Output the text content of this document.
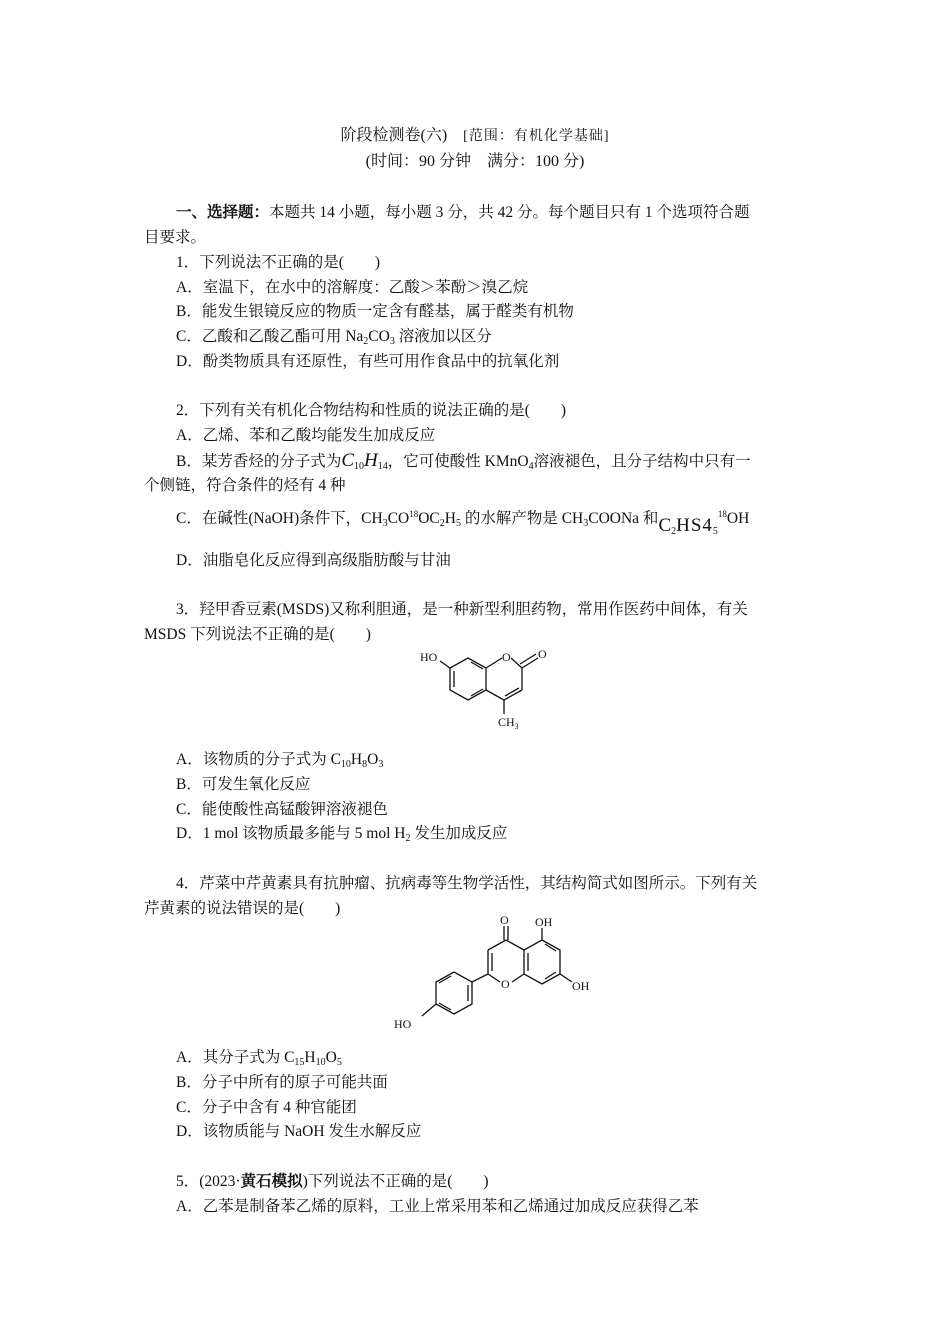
阶段检测卷(六) [范围：有机化学基础]
(时间：90 分钟　满分：100 分)
一、选择题：本题共 14 小题，每小题 3 分，共 42 分。每个题目只有 1 个选项符合题
目要求。
1．下列说法不正确的是(　　)
A．室温下，在水中的溶解度：乙酸＞苯酚＞溴乙烷
B．能发生银镜反应的物质一定含有醛基，属于醛类有机物
C．乙酸和乙酸乙酯可用 $Na_2CO_3$ 溶液加以区分
D．酚类物质具有还原性，有些可用作食品中的抗氧化剂
2．下列有关有机化合物结构和性质的说法正确的是(　　)
A．乙烯、苯和乙酸均能发生加成反应
B．某芳香烃的分子式为$C_{10}H_{14}$，它可使酸性 KMnO$_4$溶液褪色，且分子结构中只有一
个侧链，符合条件的烃有 4 种
C．在碱性(NaOH)条件下，$CH_3CO^{18}OC_2H_5$ 的水解产物是 $CH_3COONa$ 和$C_2HS4_5^{18}OH$
D．油脂皂化反应得到高级脂肪酸与甘油
3．羟甲香豆素(MSDS)又称利胆通，是一种新型利胆药物，常用作医药中间体，有关
MSDS 下列说法不正确的是(　　)
HO	O O
$CH_3$
A．该物质的分子式为 $C_{10}H_8O_3$
B．可发生氧化反应
C．能使酸性高锰酸钾溶液褪色
D．1 mol 该物质最多能与 5 mol $H_2$ 发生加成反应
4．芹菜中芹黄素具有抗肿瘤、抗病毒等生物学活性，其结构简式如图所示。下列有关
芹黄素的说法错误的是(　　)
O OH
O	OH
HO
A．其分子式为 $C_{15}H_{10}O_5$
B．分子中所有的原子可能共面
C．分子中含有 4 种官能团
D．该物质能与 NaOH 发生水解反应
5．(2023·黄石模拟)下列说法不正确的是(　　)
A．乙苯是制备苯乙烯的原料，工业上常采用苯和乙烯通过加成反应获得乙苯
